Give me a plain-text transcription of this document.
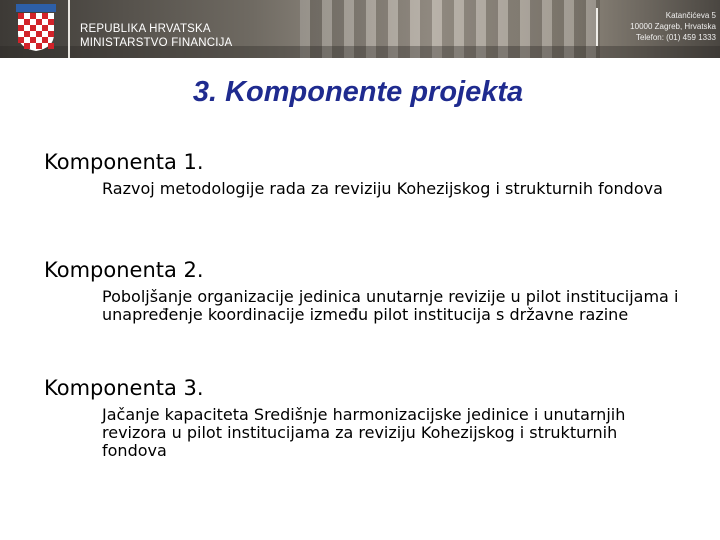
REPUBLIKA HRVATSKA
MINISTARSTVO FINANCIJA
Katančićeva 5
10000 Zagreb, Hrvatska
Telefon: (01) 459 1333
3. Komponente projekta

Komponenta 1.

Razvoj metodologije rada za reviziju Kohezijskog i strukturnih fondova

Komponenta 2.

Poboljšanje organizacije jedinica unutarnje revizije u pilot institucijama i unapređenje koordinacije između pilot institucija s državne razine

Komponenta 3.

Jačanje kapaciteta Središnje harmonizacijske jedinice i unutarnjih revizora u pilot institucijama za reviziju Kohezijskog i strukturnih fondova
